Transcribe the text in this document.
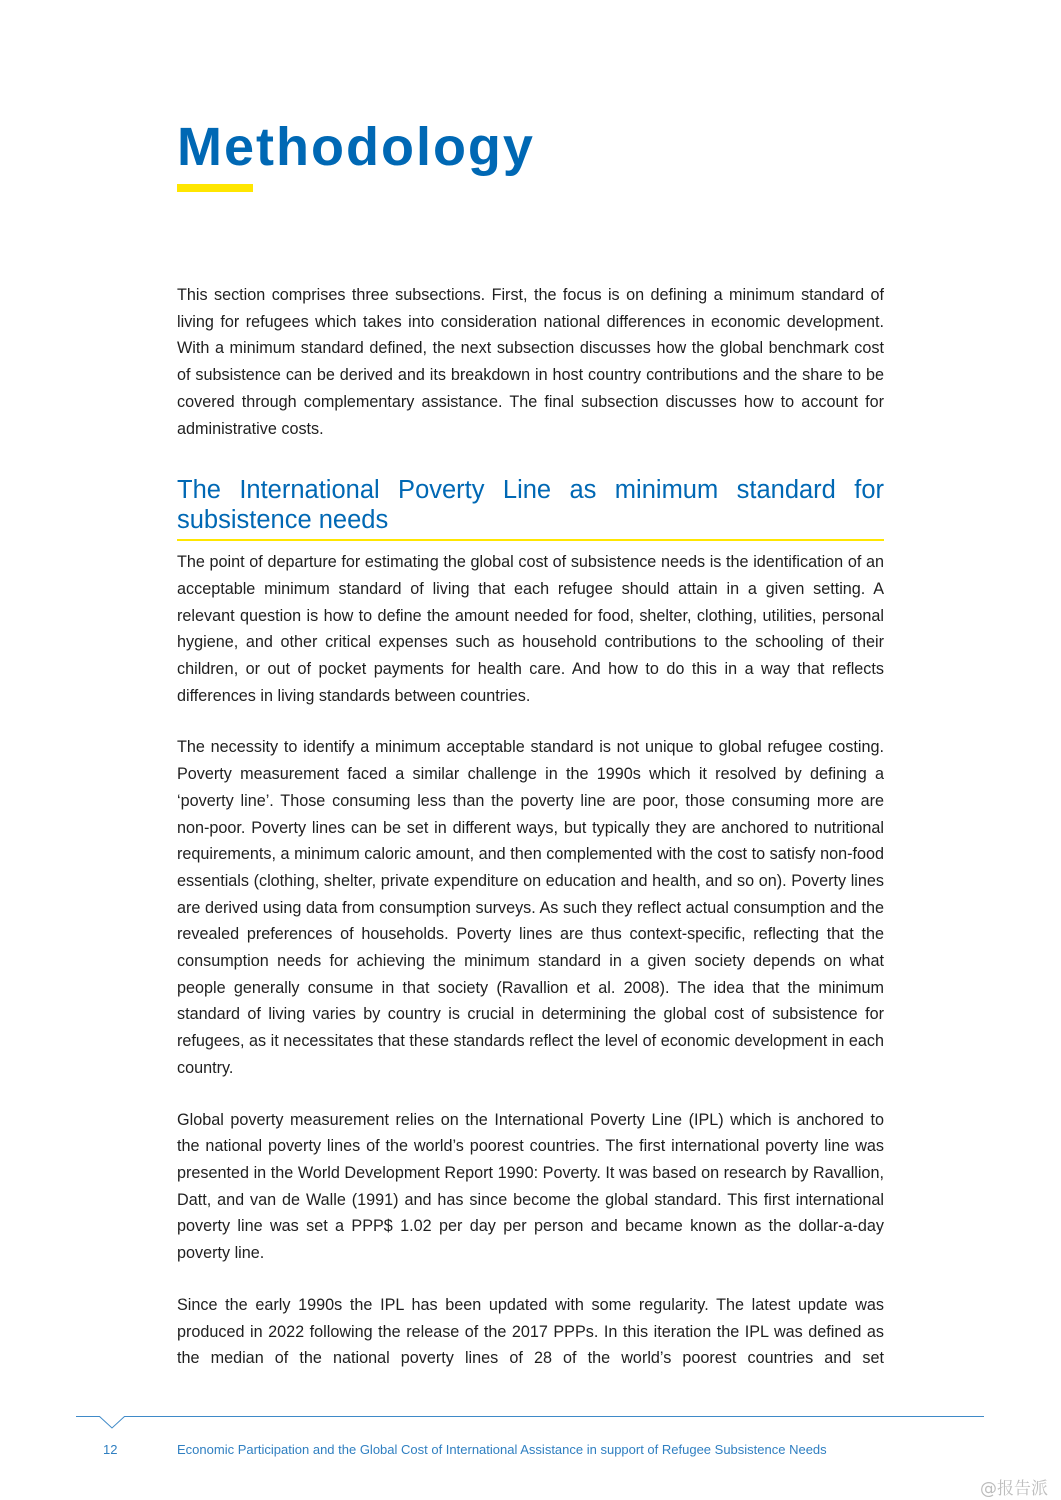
Methodology

This section comprises three subsections. First, the focus is on defining a minimum standard of living for refugees which takes into consideration national differences in economic development. With a minimum standard defined, the next subsection discusses how the global benchmark cost of subsistence can be derived and its breakdown in host country contributions and the share to be covered through complementary assistance. The final subsection discusses how to account for administrative costs.

The International Poverty Line as minimum standard for subsistence needs

The point of departure for estimating the global cost of subsistence needs is the identification of an acceptable minimum standard of living that each refugee should attain in a given setting. A relevant question is how to define the amount needed for food, shelter, clothing, utilities, personal hygiene, and other critical expenses such as household contributions to the schooling of their children, or out of pocket payments for health care. And how to do this in a way that reflects differences in living standards between countries.

The necessity to identify a minimum acceptable standard is not unique to global refugee costing. Poverty measurement faced a similar challenge in the 1990s which it resolved by defining a ‘poverty line’. Those consuming less than the poverty line are poor, those consuming more are non-poor. Poverty lines can be set in different ways, but typically they are anchored to nutritional requirements, a minimum caloric amount, and then complemented with the cost to satisfy non-food essentials (clothing, shelter, private expenditure on education and health, and so on). Poverty lines are derived using data from consumption surveys. As such they reflect actual consumption and the revealed preferences of households. Poverty lines are thus context-specific, reflecting that the consumption needs for achieving the minimum standard in a given society depends on what people generally consume in that society (Ravallion et al. 2008). The idea that the minimum standard of living varies by country is crucial in determining the global cost of subsistence for refugees, as it necessitates that these standards reflect the level of economic development in each country.

Global poverty measurement relies on the International Poverty Line (IPL) which is anchored to the national poverty lines of the world’s poorest countries. The first international poverty line was presented in the World Development Report 1990: Poverty. It was based on research by Ravallion, Datt, and van de Walle (1991) and has since become the global standard. This first international poverty line was set a PPP$ 1.02 per day per person and became known as the dollar-a-day poverty line.

Since the early 1990s the IPL has been updated with some regularity. The latest update was produced in 2022 following the release of the 2017 PPPs. In this iteration the IPL was defined as the median of the national poverty lines of 28 of the world’s poorest countries and set

12	Economic Participation and the Global Cost of International Assistance in support of Refugee Subsistence Needs
@报告派
